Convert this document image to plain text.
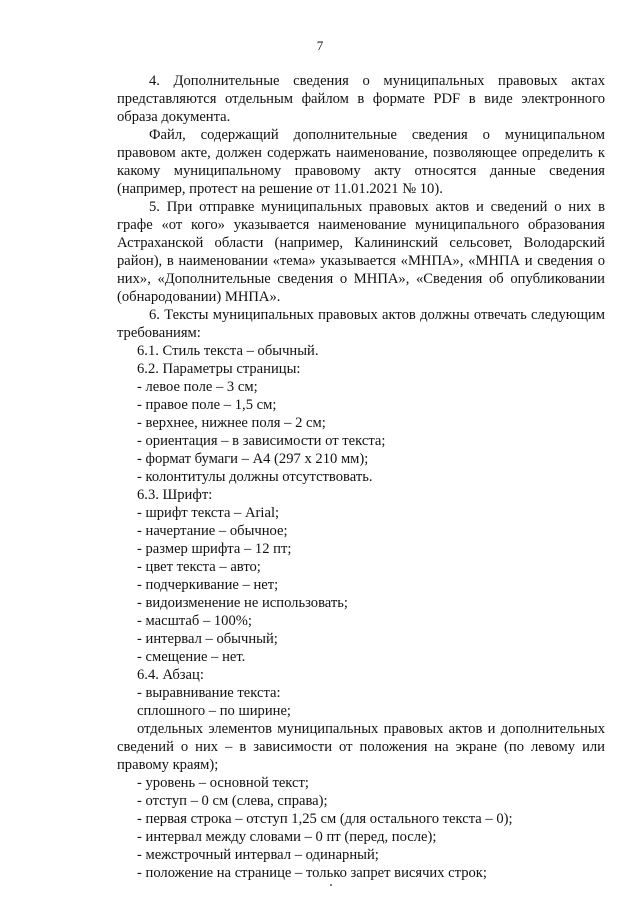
7

4. Дополнительные сведения о муниципальных правовых актах представляются отдельным файлом в формате PDF в виде электронного образа документа.

Файл, содержащий дополнительные сведения о муниципальном правовом акте, должен содержать наименование, позволяющее определить к какому муниципальному правовому акту относятся данные сведения (например, протест на решение от 11.01.2021 № 10).

5. При отправке муниципальных правовых актов и сведений о них в графе «от кого» указывается наименование муниципального образования Астраханской области (например, Калининский сельсовет, Володарский район), в наименовании «тема» указывается «МНПА», «МНПА и сведения о них», «Дополнительные сведения о МНПА», «Сведения об опубликовании (обнародовании) МНПА».

6. Тексты муниципальных правовых актов должны отвечать следующим требованиям:

6.1. Стиль текста – обычный.

6.2. Параметры страницы:

- левое поле – 3 см;

- правое поле – 1,5 см;

- верхнее, нижнее поля – 2 см;

- ориентация – в зависимости от текста;

- формат бумаги – А4 (297 х 210 мм);

- колонтитулы должны отсутствовать.

6.3. Шрифт:

- шрифт текста – Arial;

- начертание – обычное;

- размер шрифта – 12 пт;

- цвет текста – авто;

- подчеркивание – нет;

- видоизменение не использовать;

- масштаб – 100%;

- интервал – обычный;

- смещение – нет.

6.4. Абзац:

- выравнивание текста:

сплошного – по ширине;

отдельных элементов муниципальных правовых актов и дополнительных сведений о них – в зависимости от положения на экране (по левому или правому краям);

- уровень – основной текст;

- отступ – 0 см (слева, справа);

- первая строка – отступ 1,25 см (для остального текста – 0);

- интервал между словами – 0 пт (перед, после);

- межстрочный интервал – одинарный;

- положение на странице – только запрет висячих строк;
